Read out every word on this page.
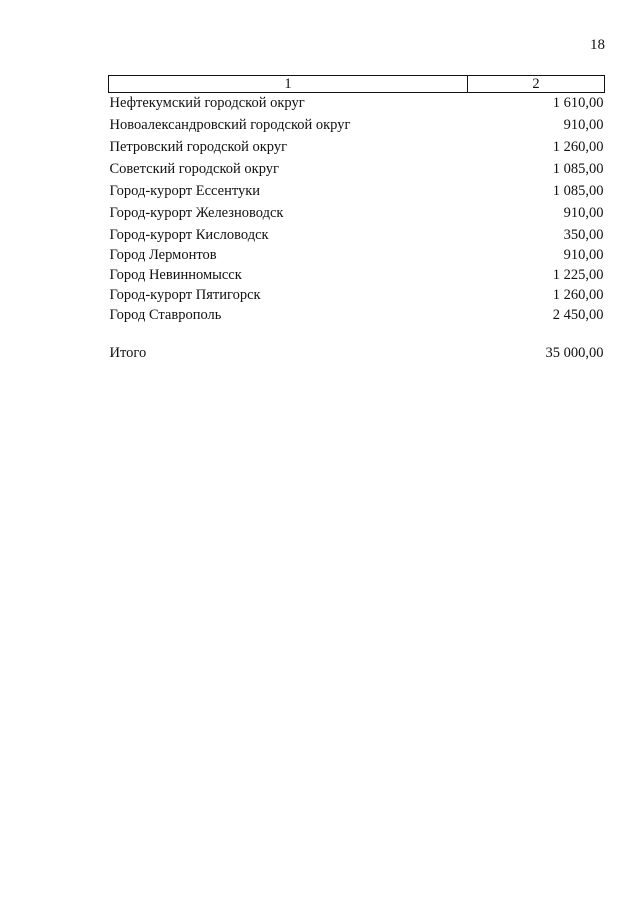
18
1	2
Нефтекумский городской округ	1 610,00
Новоалександровский городской округ	910,00
Петровский городской округ	1 260,00
Советский городской округ	1 085,00
Город-курорт Ессентуки	1 085,00
Город-курорт Железноводск	910,00
Город-курорт Кисловодск	350,00
Город Лермонтов	910,00
Город Невинномысск	1 225,00
Город-курорт Пятигорск	1 260,00
Город Ставрополь	2 450,00

Итого	35 000,00
